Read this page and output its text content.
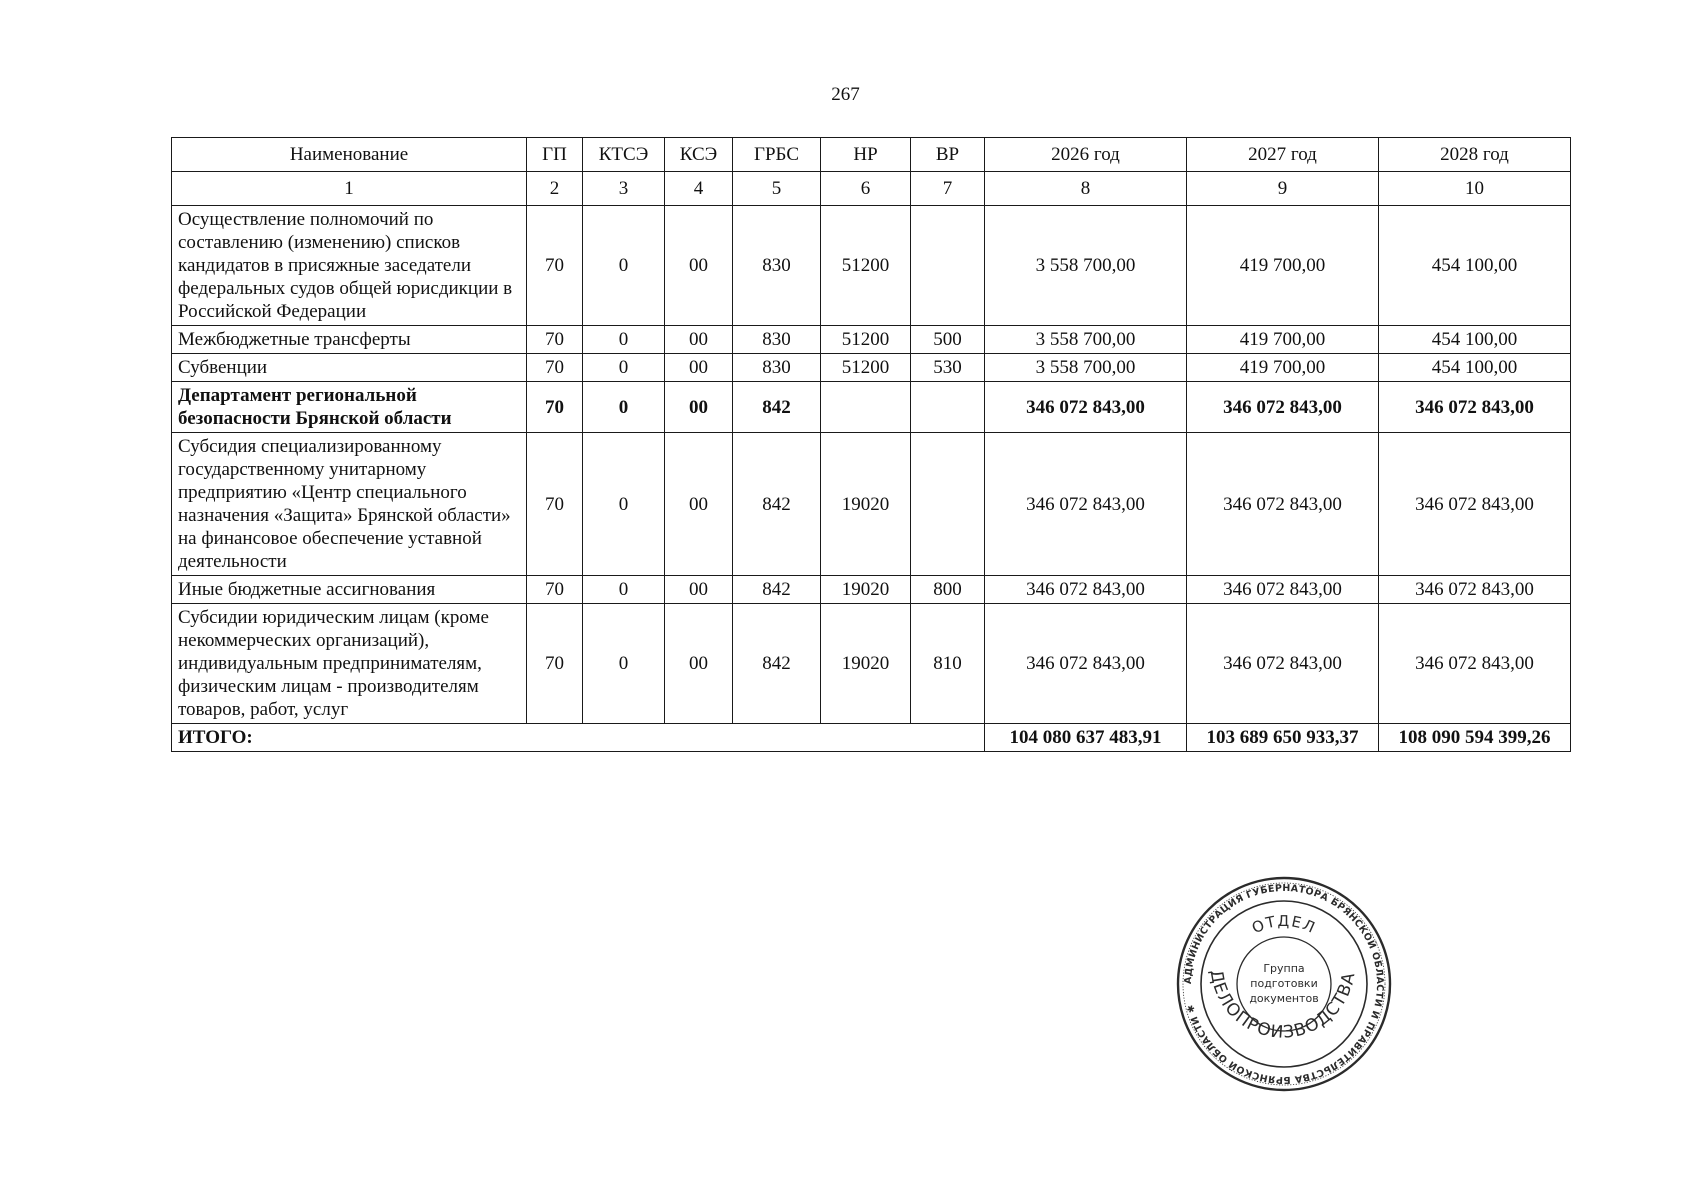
267
Наименование	ГП	КТСЭ	КСЭ	ГРБС	НР	ВР	2026 год	2027 год	2028 год
1	2	3	4	5	6	7	8	9	10
Осуществление полномочий по составлению (изменению) списков кандидатов в присяжные заседатели федеральных судов общей юрисдикции в Российской Федерации	70	0	00	830	51200		3 558 700,00	419 700,00	454 100,00
Межбюджетные трансферты	70	0	00	830	51200	500	3 558 700,00	419 700,00	454 100,00
Субвенции	70	0	00	830	51200	530	3 558 700,00	419 700,00	454 100,00
Департамент региональной безопасности Брянской области	70	0	00	842			346 072 843,00	346 072 843,00	346 072 843,00
Субсидия специализированному государственному унитарному предприятию «Центр специального назначения «Защита» Брянской области» на финансовое обеспечение уставной деятельности	70	0	00	842	19020		346 072 843,00	346 072 843,00	346 072 843,00
Иные бюджетные ассигнования	70	0	00	842	19020	800	346 072 843,00	346 072 843,00	346 072 843,00
Субсидии юридическим лицам (кроме некоммерческих организаций), индивидуальным предпринимателям, физическим лицам - производителям товаров, работ, услуг	70	0	00	842	19020	810	346 072 843,00	346 072 843,00	346 072 843,00
ИТОГО:							104 080 637 483,91	103 689 650 933,37	108 090 594 399,26
АДМИНИСТРАЦИЯ ГУБЕРНАТОРА БРЯНСКОЙ ОБЛАСТИ И ПРАВИТЕЛЬСТВА БРЯНСКОЙ ОБЛАСТИ ✱
ОТДЕЛ
ДЕЛОПРОИЗВОДСТВА
Группа
подготовки
документов
